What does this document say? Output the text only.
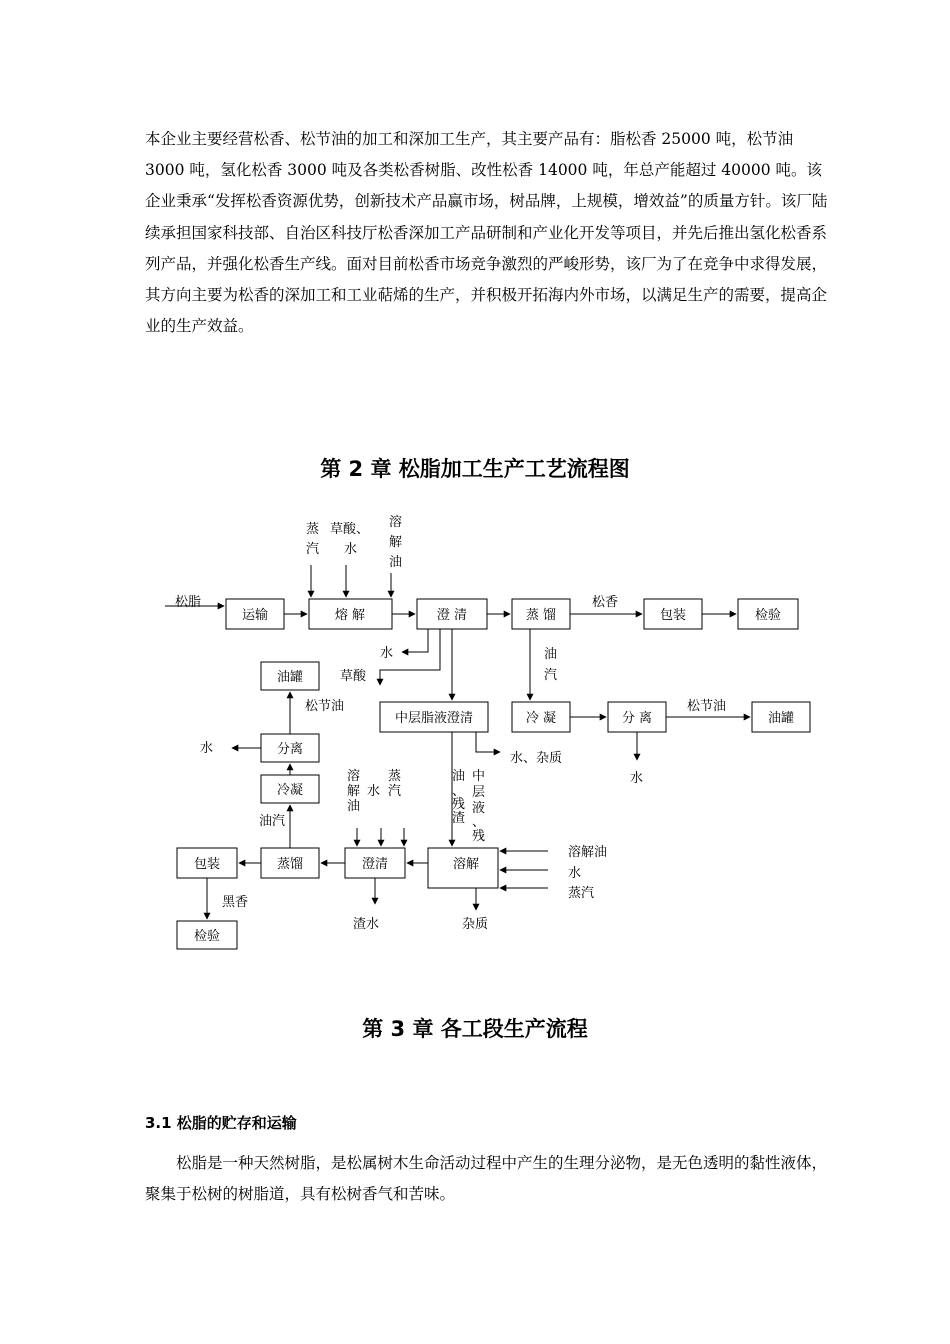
本企业主要经营松香、松节油的加工和深加工生产，其主要产品有：脂松香 25000 吨，松节油 3000 吨，氢化松香 3000 吨及各类松香树脂、改性松香 14000 吨，年总产能超过 40000 吨。该企业秉承“发挥松香资源优势，创新技术产品赢市场，树品牌，上规模，增效益”的质量方针。该厂陆续承担国家科技部、自治区科技厅松香深加工产品研制和产业化开发等项目，并先后推出氢化松香系列产品，并强化松香生产线。面对目前松香市场竞争激烈的严峻形势，该厂为了在竞争中求得发展，其方向主要为松香的深加工和工业萜烯的生产，并积极开拓海内外市场，以满足生产的需要，提高企业的生产效益。

第 2 章 松脂加工生产工艺流程图
运输	熔 解	澄 清	蒸 馏	包装	检验
油罐
中层脂液澄清	冷 凝	分 离	油罐
分离
冷凝
包装	蒸馏	澄清	溶解
检验
松脂
蒸
汽
草酸、
水
溶
解
油
松香
水
草酸
油
汽
松节油	松节油
水、杂质
水
水
油
、
残
渣
中
层
液
、
残
溶
解
油
水
蒸
汽
油汽
溶解油
水
蒸汽
黑香
渣水	杂质
第 3 章 各工段生产流程
3.1 松脂的贮存和运输

松脂是一种天然树脂，是松属树木生命活动过程中产生的生理分泌物，是无色透明的黏性液体，聚集于松树的树脂道，具有松树香气和苦味。
